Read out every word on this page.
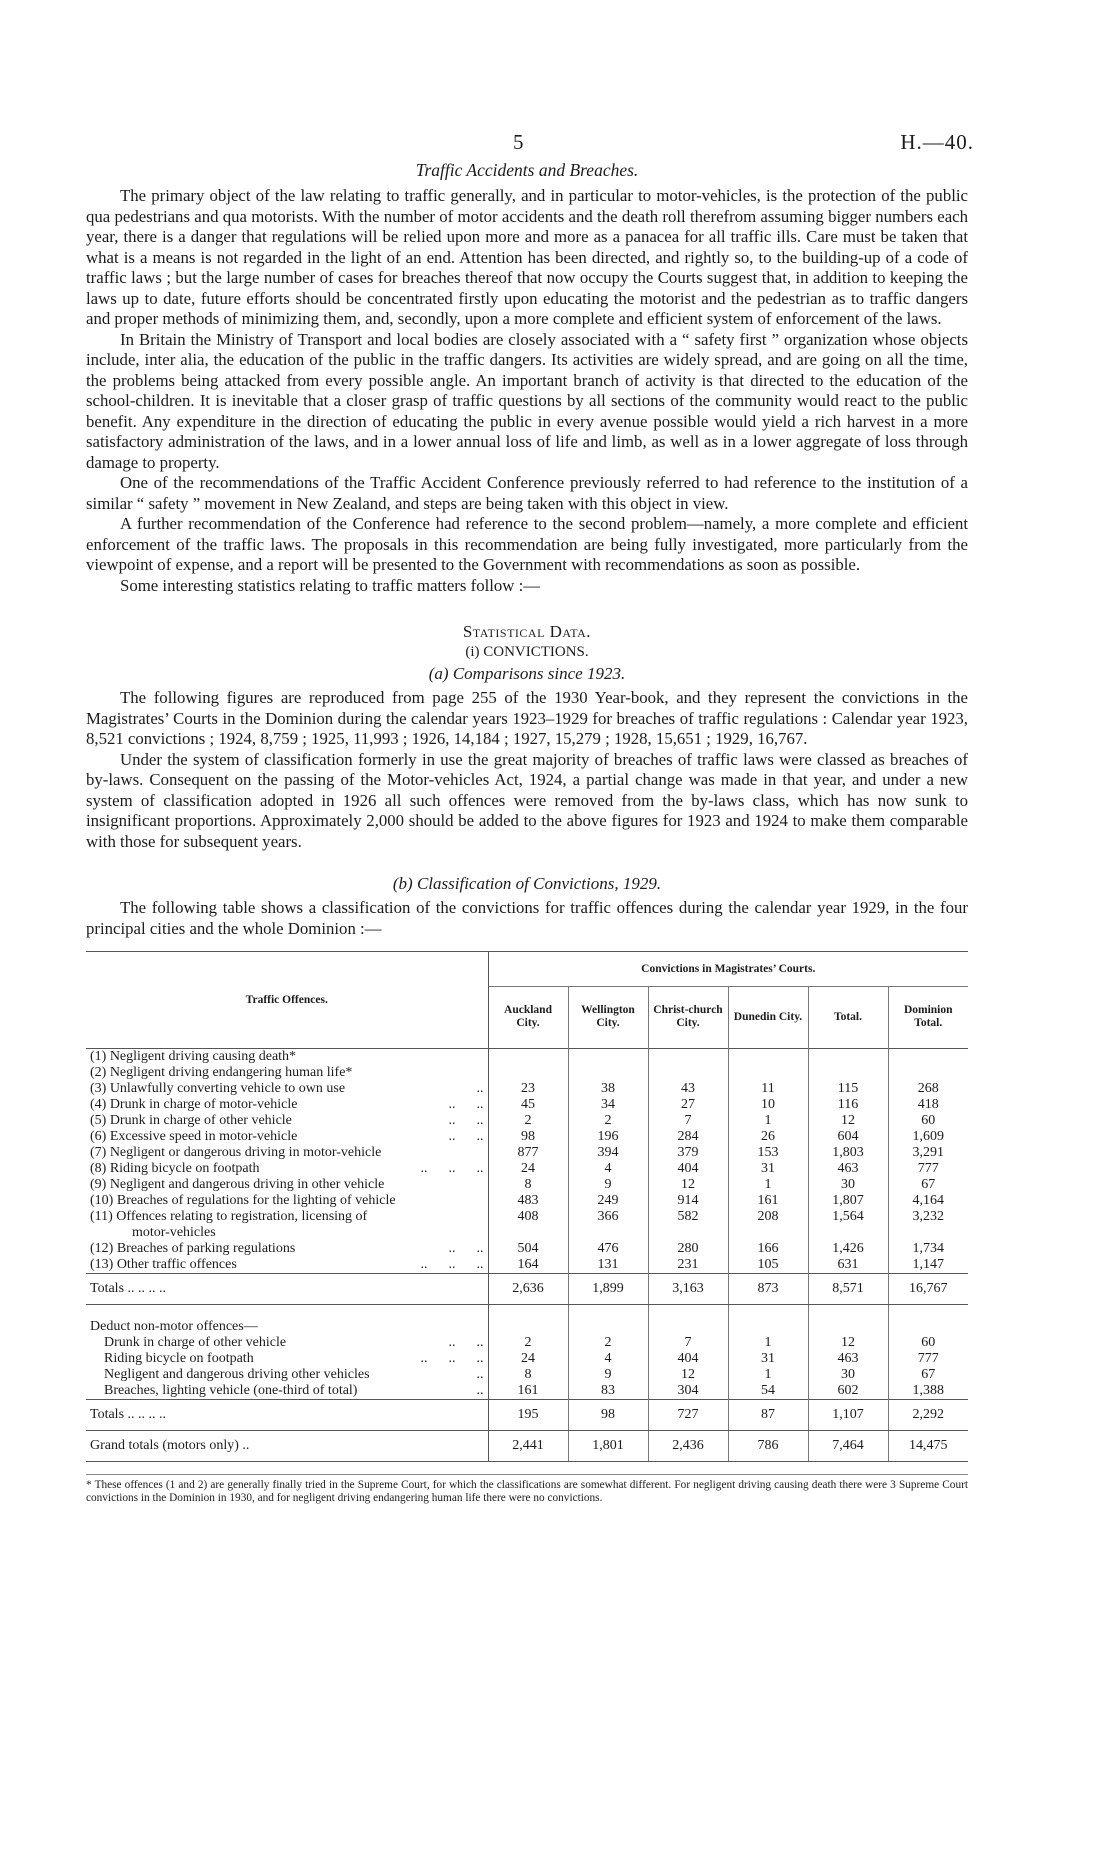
5	H.—40.
Traffic Accidents and Breaches.

The primary object of the law relating to traffic generally, and in particular to motor-vehicles, is the protection of the public qua pedestrians and qua motorists. With the number of motor accidents and the death roll therefrom assuming bigger numbers each year, there is a danger that regulations will be relied upon more and more as a panacea for all traffic ills. Care must be taken that what is a means is not regarded in the light of an end. Attention has been directed, and rightly so, to the building-up of a code of traffic laws ; but the large number of cases for breaches thereof that now occupy the Courts suggest that, in addition to keeping the laws up to date, future efforts should be concentrated firstly upon educating the motorist and the pedestrian as to traffic dangers and proper methods of minimizing them, and, secondly, upon a more complete and efficient system of enforcement of the laws.

In Britain the Ministry of Transport and local bodies are closely associated with a “ safety first ” organization whose objects include, inter alia, the education of the public in the traffic dangers. Its activities are widely spread, and are going on all the time, the problems being attacked from every possible angle. An important branch of activity is that directed to the education of the school-children. It is inevitable that a closer grasp of traffic questions by all sections of the community would react to the public benefit. Any expenditure in the direction of educating the public in every avenue possible would yield a rich harvest in a more satisfactory administration of the laws, and in a lower annual loss of life and limb, as well as in a lower aggregate of loss through damage to property.

One of the recommendations of the Traffic Accident Conference previously referred to had reference to the institution of a similar “ safety ” movement in New Zealand, and steps are being taken with this object in view.

A further recommendation of the Conference had reference to the second problem—namely, a more complete and efficient enforcement of the traffic laws. The proposals in this recommendation are being fully investigated, more particularly from the viewpoint of expense, and a report will be presented to the Government with recommendations as soon as possible.

Some interesting statistics relating to traffic matters follow :—

Statistical Data.
(i) CONVICTIONS.
(a) Comparisons since 1923.

The following figures are reproduced from page 255 of the 1930 Year-book, and they represent the convictions in the Magistrates’ Courts in the Dominion during the calendar years 1923–1929 for breaches of traffic regulations : Calendar year 1923, 8,521 convictions ; 1924, 8,759 ; 1925, 11,993 ; 1926, 14,184 ; 1927, 15,279 ; 1928, 15,651 ; 1929, 16,767.

Under the system of classification formerly in use the great majority of breaches of traffic laws were classed as breaches of by-laws. Consequent on the passing of the Motor-vehicles Act, 1924, a partial change was made in that year, and under a new system of classification adopted in 1926 all such offences were removed from the by-laws class, which has now sunk to insignificant proportions. Approximately 2,000 should be added to the above figures for 1923 and 1924 to make them comparable with those for subsequent years.

(b) Classification of Convictions, 1929.

The following table shows a classification of the convictions for traffic offences during the calendar year 1929, in the four principal cities and the whole Dominion :—

Traffic Offences.	Convictions in Magistrates’ Courts.					
	Auckland City.	Wellington City.	Christ-church City.	Dunedin City.	Total.	Dominion Total.
(1) Negligent driving causing death*

(2) Negligent driving endangering human life*

(3) Unlawfully converting vehicle to own use ..	23	38	43	11	115	268
(4) Drunk in charge of motor-vehicle ..      ..	45	34	27	10	116	418
(5) Drunk in charge of other vehicle ..      ..	2	2	7	1	12	60
(6) Excessive speed in motor-vehicle ..      ..	98	196	284	26	604	1,609
(7) Negligent or dangerous driving in motor-vehicle	877	394	379	153	1,803	3,291
(8) Riding bicycle on footpath ..      ..      ..	24	4	404	31	463	777
(9) Negligent and dangerous driving in other vehicle	8	9	12	1	30	67
(10) Breaches of regulations for the lighting of vehicle	483	249	914	161	1,807	4,164
(11) Offences relating to registration, licensing of	408	366	582	208	1,564	3,232
motor-vehicles

(12) Breaches of parking regulations ..      ..	504	476	280	166	1,426	1,734
(13) Other traffic offences ..      ..      ..	164	131	231	105	631	1,147
Totals .. .. .. ..	2,636	1,899	3,163	873	8,571	16,767

Deduct non-motor offences—						
Drunk in charge of other vehicle ..      ..	2	2	7	1	12	60
Riding bicycle on footpath ..      ..      ..	24	4	404	31	463	777
Negligent and dangerous driving other vehicles ..	8	9	12	1	30	67
Breaches, lighting vehicle (one-third of total) ..	161	83	304	54	602	1,388
Totals .. .. .. ..	195	98	727	87	1,107	2,292
Grand totals (motors only) ..	2,441	1,801	2,436	786	7,464	14,475
* These offences (1 and 2) are generally finally tried in the Supreme Court, for which the classifications are somewhat different. For negligent driving causing death there were 3 Supreme Court convictions in the Dominion in 1930, and for negligent driving endangering human life there were no convictions.
